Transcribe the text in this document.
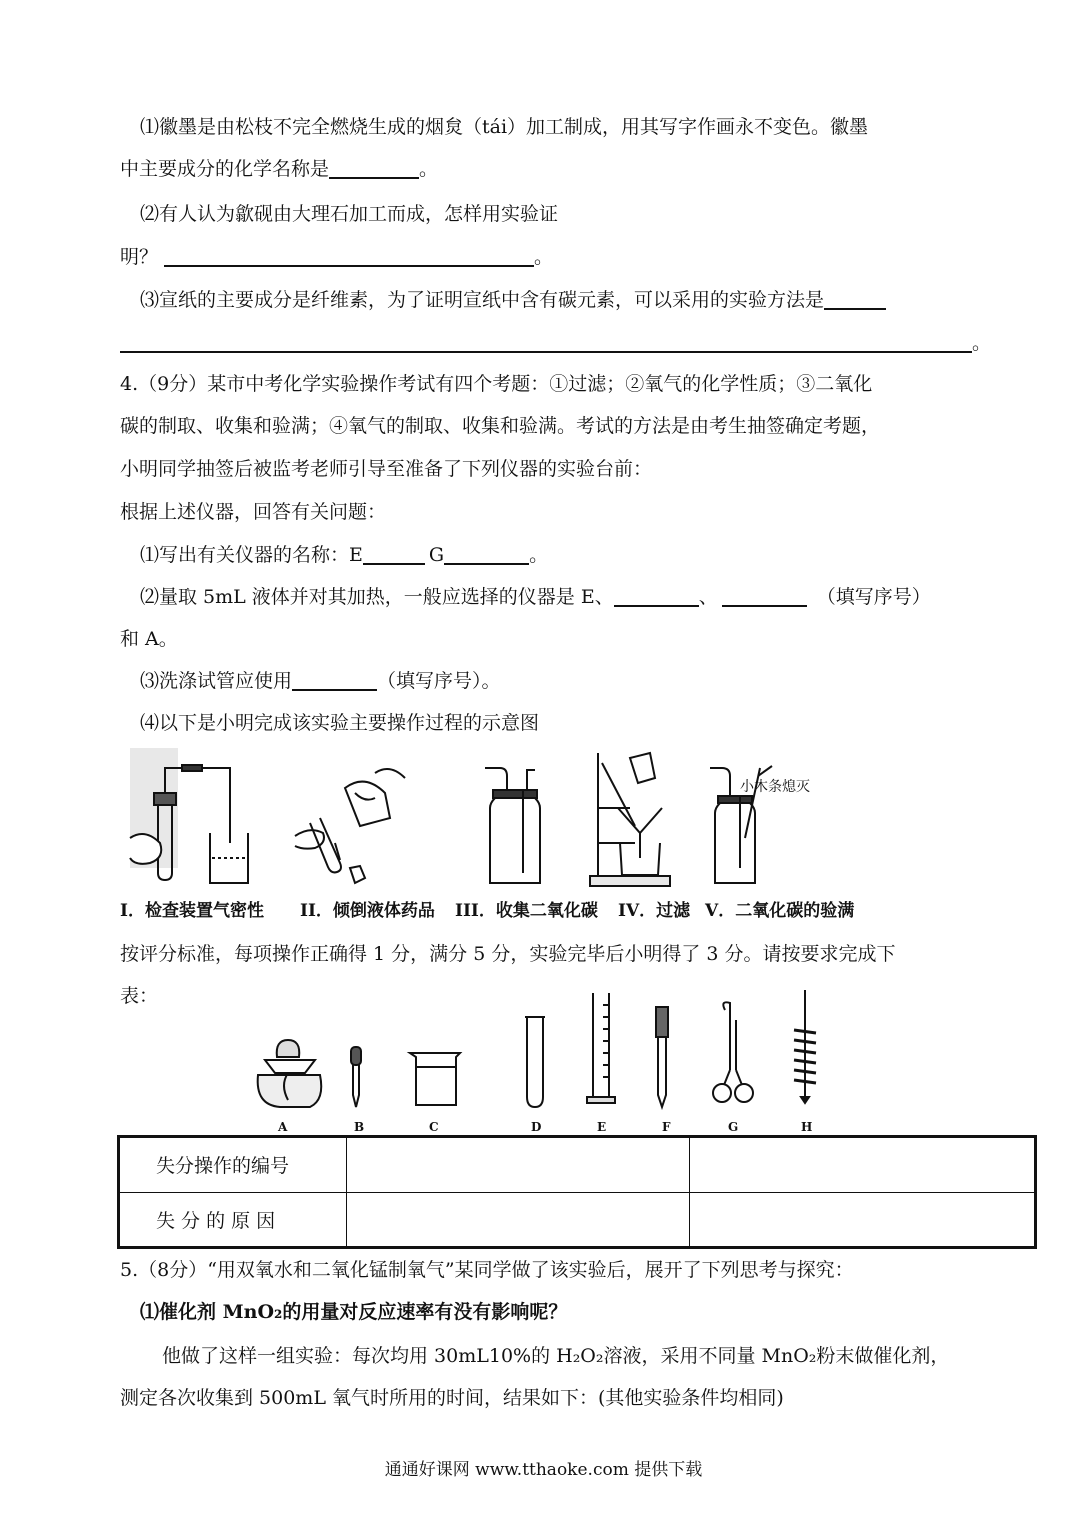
⑴徽墨是由松枝不完全燃烧生成的烟炱（tái）加工制成，用其写字作画永不变色。徽墨
中主要成分的化学名称是	。
⑵有人认为歙砚由大理石加工而成，怎样用实验证
明？	。
⑶宣纸的主要成分是纤维素，为了证明宣纸中含有碳元素，可以采用的实验方法是
。
4.（9分）某市中考化学实验操作考试有四个考题：①过滤；②氧气的化学性质；③二氧化
碳的制取、收集和验满；④氧气的制取、收集和验满。考试的方法是由考生抽签确定考题，
小明同学抽签后被监考老师引导至准备了下列仪器的实验台前：
根据上述仪器，回答有关问题：
⑴写出有关仪器的名称：E	G	。
⑵量取 5mL 液体并对其加热，一般应选择的仪器是 E、	、	（填写序号）
和 A。
⑶洗涤试管应使用	（填写序号）。
⑷以下是小明完成该实验主要操作过程的示意图
小木条熄灭
I．检查装置气密性 II．倾倒液体药品 III．收集二氧化碳 IV．过滤 V．二氧化碳的验满
按评分标准，每项操作正确得 1 分，满分 5 分，实验完毕后小明得了 3 分。请按要求完成下
表：
A	B	C	D	E	F	G	H
失分操作的编号		
失 分 的 原 因		
5.（8分）“用双氧水和二氧化锰制氧气”某同学做了该实验后，展开了下列思考与探究：
⑴催化剂 MnO₂的用量对反应速率有没有影响呢？
他做了这样一组实验：每次均用 30mL10%的 H₂O₂溶液，采用不同量 MnO₂粉末做催化剂，
测定各次收集到 500mL 氧气时所用的时间，结果如下：(其他实验条件均相同)
通通好课网 www.tthaoke.com 提供下载
